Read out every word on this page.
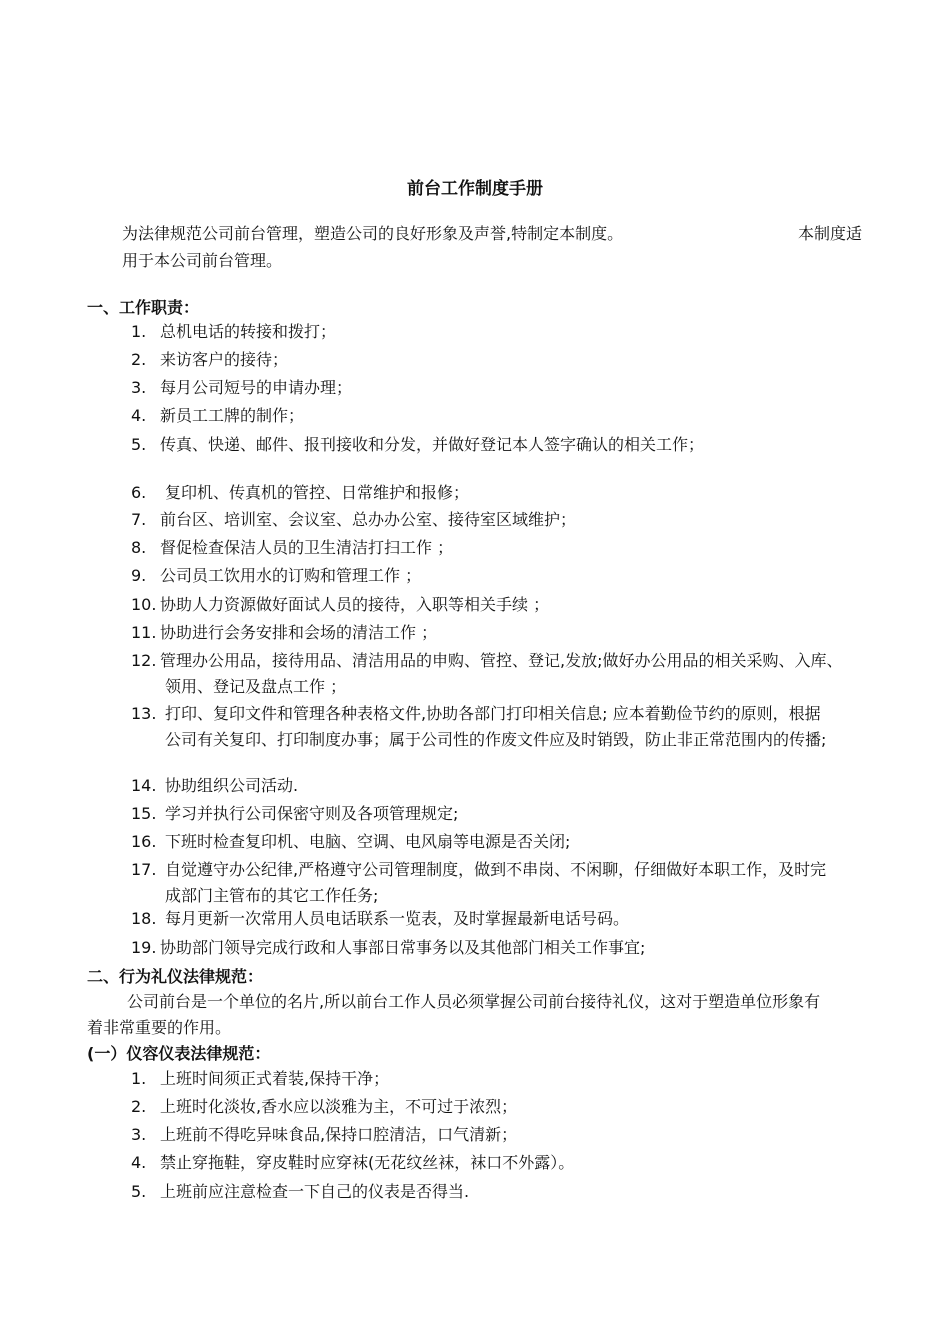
前台工作制度手册
为法律规范公司前台管理，塑造公司的良好形象及声誉,特制定本制度。	本制度适
用于本公司前台管理。
一、工作职责：
1. 总机电话的转接和拨打；
2. 来访客户的接待；
3. 每月公司短号的申请办理；
4. 新员工工牌的制作；
5. 传真、快递、邮件、报刊接收和分发，并做好登记本人签字确认的相关工作；
6. 复印机、传真机的管控、日常维护和报修；
7. 前台区、培训室、会议室、总办办公室、接待室区域维护；
8. 督促检查保洁人员的卫生清洁打扫工作 ；
9. 公司员工饮用水的订购和管理工作 ；
10. 协助人力资源做好面试人员的接待，入职等相关手续 ；
11. 协助进行会务安排和会场的清洁工作 ；
12. 管理办公用品，接待用品、清洁用品的申购、管控、登记,发放;做好办公用品的相关采购、入库、
领用、登记及盘点工作 ；
13. 打印、复印文件和管理各种表格文件,协助各部门打印相关信息; 应本着勤俭节约的原则，根据
公司有关复印、打印制度办事；属于公司性的作废文件应及时销毁，防止非正常范围内的传播;
14. 协助组织公司活动.
15. 学习并执行公司保密守则及各项管理规定;
16. 下班时检查复印机、电脑、空调、电风扇等电源是否关闭;
17. 自觉遵守办公纪律,严格遵守公司管理制度，做到不串岗、不闲聊，仔细做好本职工作，及时完
成部门主管布的其它工作任务;
18. 每月更新一次常用人员电话联系一览表，及时掌握最新电话号码。
19. 协助部门领导完成行政和人事部日常事务以及其他部门相关工作事宜;
二、行为礼仪法律规范：
公司前台是一个单位的名片,所以前台工作人员必须掌握公司前台接待礼仪，这对于塑造单位形象有
着非常重要的作用。
(一）仪容仪表法律规范：
1. 上班时间须正式着装,保持干净；
2. 上班时化淡妆,香水应以淡雅为主，不可过于浓烈；
3. 上班前不得吃异味食品,保持口腔清洁，口气清新；
4. 禁止穿拖鞋，穿皮鞋时应穿袜(无花纹丝袜，袜口不外露）。
5. 上班前应注意检查一下自己的仪表是否得当.
